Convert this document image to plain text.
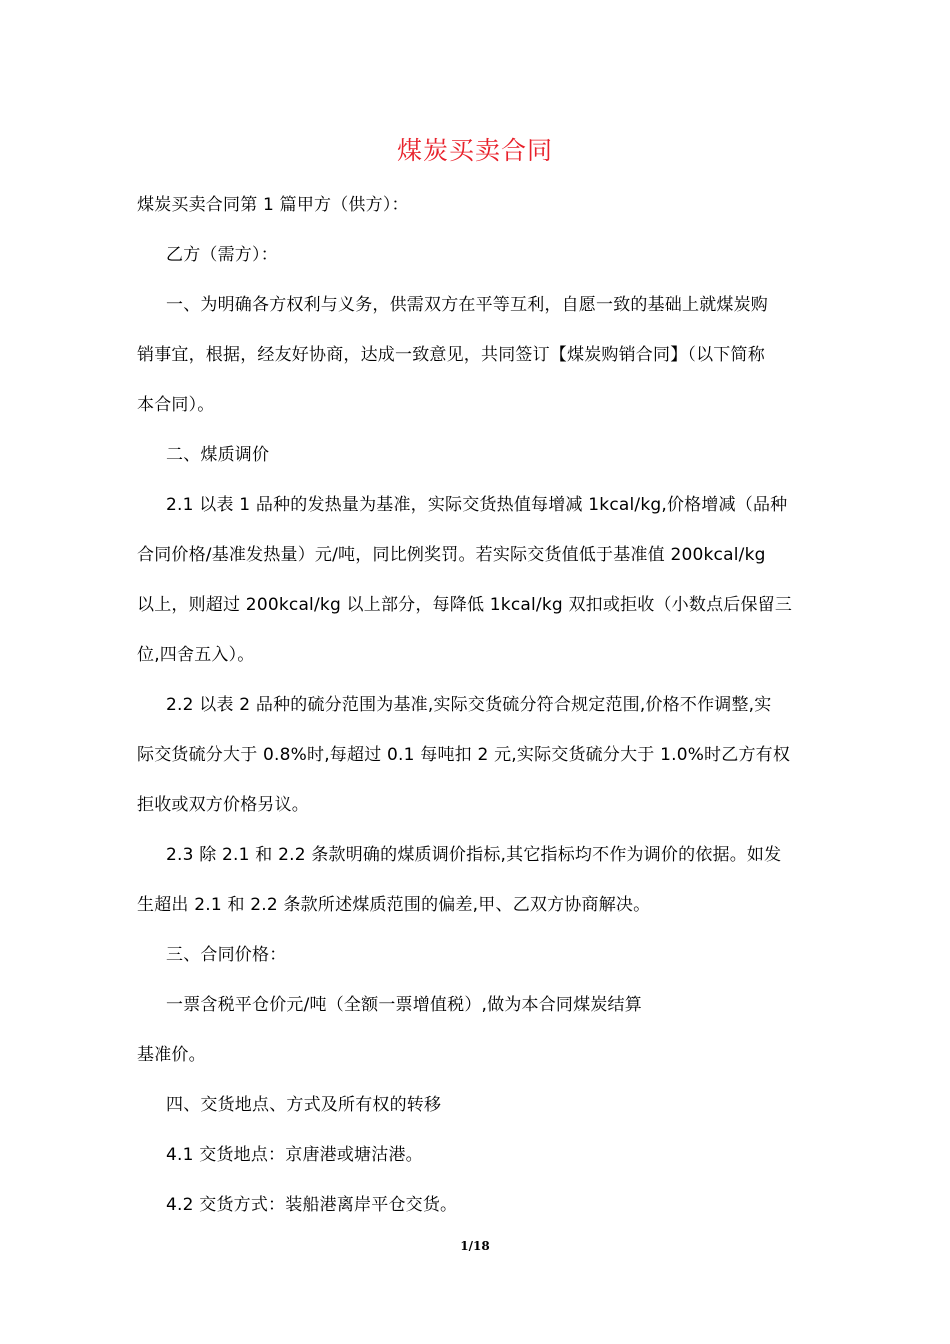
煤炭买卖合同
煤炭买卖合同第 1 篇甲方（供方）：
乙方（需方）：
一、为明确各方权利与义务，供需双方在平等互利，自愿一致的基础上就煤炭购
销事宜，根据，经友好协商，达成一致意见，共同签订【煤炭购销合同】（以下简称
本合同）。
二、煤质调价
2.1 以表 1 品种的发热量为基准，实际交货热值每增减 1kcal/kg,价格增减（品种
合同价格/基准发热量）元/吨，同比例奖罚。若实际交货值低于基准值 200kcal/kg
以上，则超过 200kcal/kg 以上部分，每降低 1kcal/kg 双扣或拒收（小数点后保留三
位,四舍五入）。
2.2 以表 2 品种的硫分范围为基准,实际交货硫分符合规定范围,价格不作调整,实
际交货硫分大于 0.8%时,每超过 0.1 每吨扣 2 元,实际交货硫分大于 1.0%时乙方有权
拒收或双方价格另议。
2.3 除 2.1 和 2.2 条款明确的煤质调价指标,其它指标均不作为调价的依据。如发
生超出 2.1 和 2.2 条款所述煤质范围的偏差,甲、乙双方协商解决。
三、合同价格：
一票含税平仓价元/吨（全额一票增值税）,做为本合同煤炭结算
基准价。
四、交货地点、方式及所有权的转移
4.1 交货地点：京唐港或塘沽港。
4.2 交货方式：装船港离岸平仓交货。
1/18
